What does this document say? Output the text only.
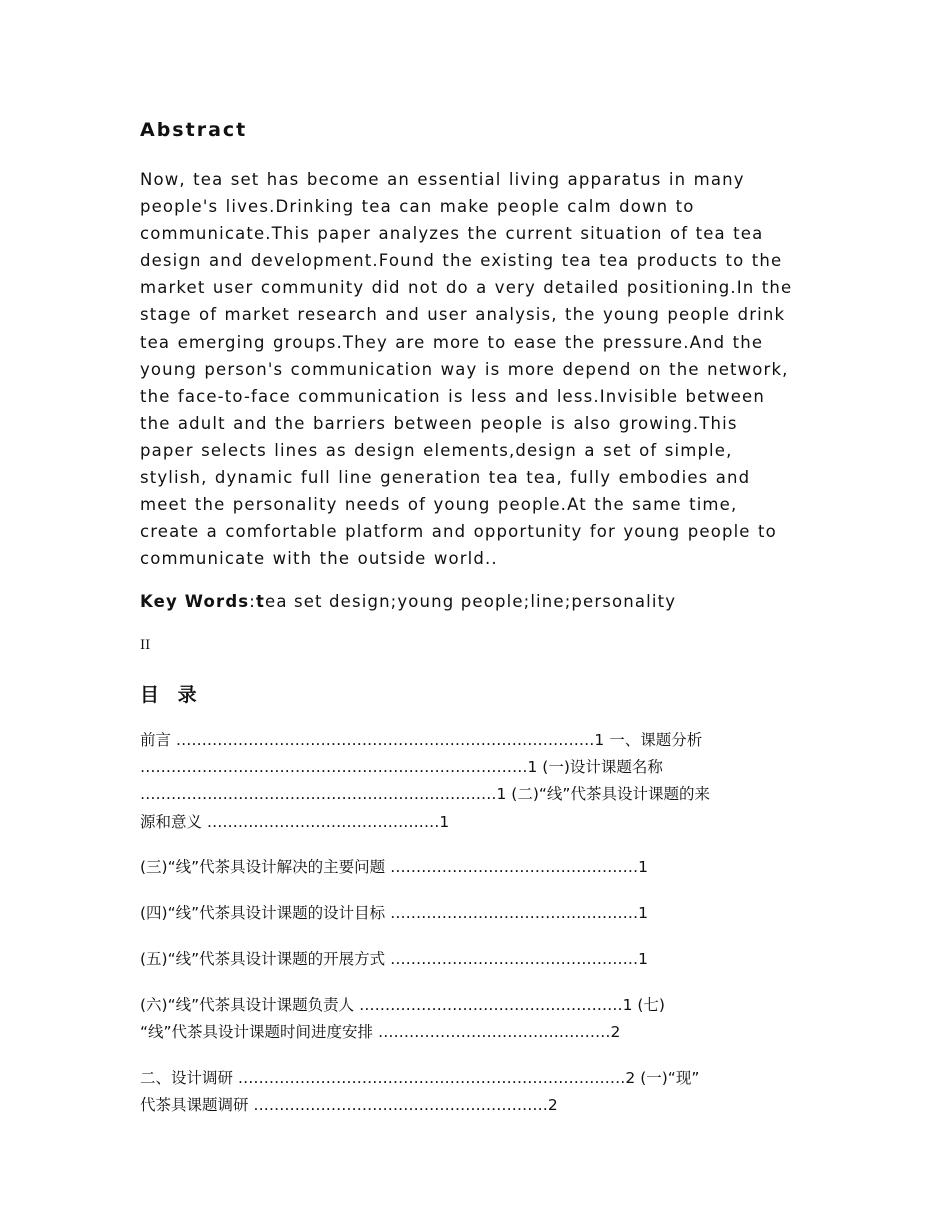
Abstract
Now, tea set has become an essential living apparatus in many
people's lives.Drinking tea can make people calm down to
communicate.This paper analyzes the current situation of tea tea
design and development.Found the existing tea tea products to the
market user community did not do a very detailed positioning.In the
stage of market research and user analysis, the young people drink
tea emerging groups.They are more to ease the pressure.And the
young person's communication way is more depend on the network,
the face-to-face communication is less and less.Invisible between
the adult and the barriers between people is also growing.This
paper selects lines as design elements,design a set of simple,
stylish, dynamic full line generation tea tea, fully embodies and
meet the personality needs of young people.At the same time,
create a comfortable platform and opportunity for young people to
communicate with the outside world..

Key Words:tea set design;young people;line;personality

II

目 录
前言 ………………………………………………………………………1 一、课题分析
…………………………………………………………………1 (一)设计课题名称
……………………………………………………………1 (二)“线”代茶具设计课题的来
源和意义 ………………………………………1
(三)“线”代茶具设计解决的主要问题 …………………………………………1
(四)“线”代茶具设计课题的设计目标 …………………………………………1
(五)“线”代茶具设计课题的开展方式 …………………………………………1
(六)“线”代茶具设计课题负责人 ……………………………………………1 (七)
“线”代茶具设计课题时间进度安排 ………………………………………2
二、设计调研 …………………………………………………………………2 (一)“现”
代茶具课题调研 …………………………………………………2
